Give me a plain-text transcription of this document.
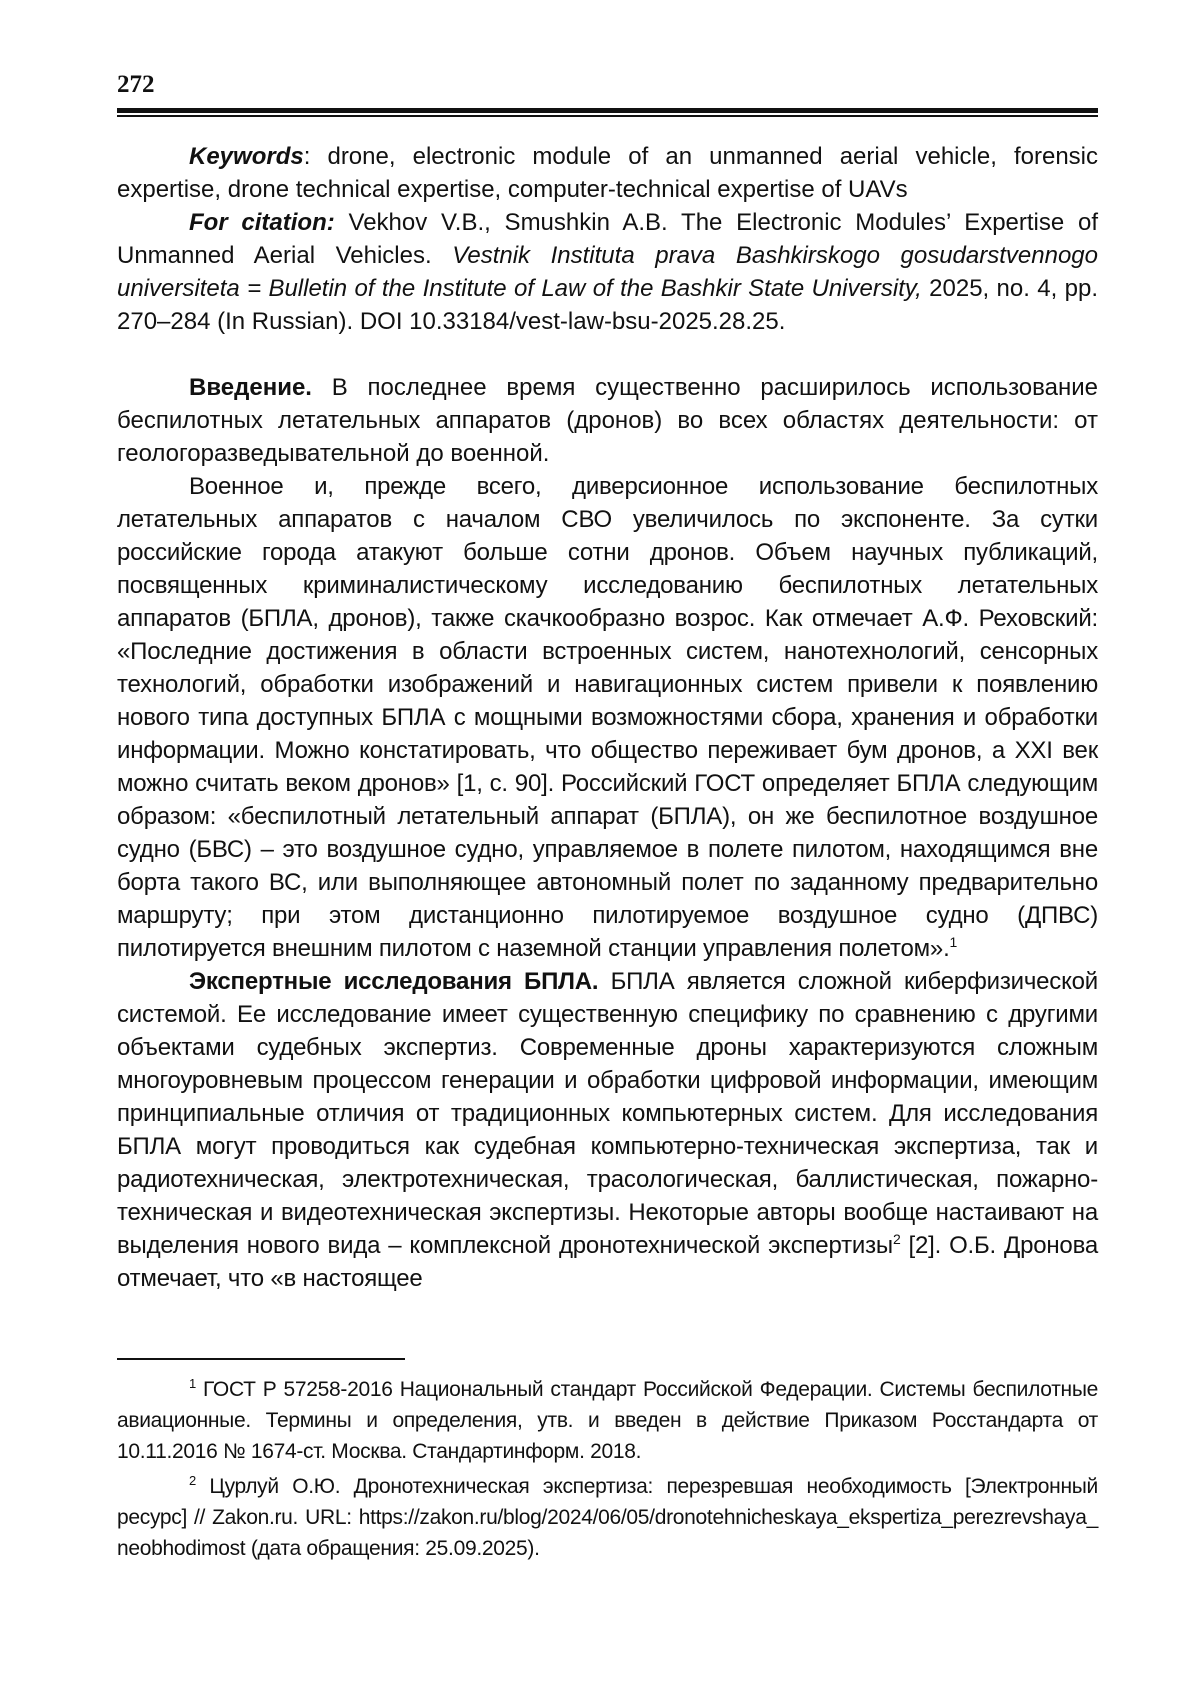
272

Keywords: drone, electronic module of an unmanned aerial vehicle, forensic expertise, drone technical expertise, computer-technical expertise of UAVs

For citation: Vekhov V.B., Smushkin A.B. The Electronic Modules’ Expertise of Unmanned Aerial Vehicles. Vestnik Instituta prava Bashkirskogo gosudarstvennogo universiteta = Bulletin of the Institute of Law of the Bashkir State University, 2025, no. 4, pp. 270–284 (In Russian). DOI 10.33184/vest-law-bsu-2025.28.25.

Введение. В последнее время существенно расширилось использование беспилотных летательных аппаратов (дронов) во всех областях деятельности: от геологоразведывательной до военной.

Военное и, прежде всего, диверсионное использование беспилотных летательных аппаратов с началом СВО увеличилось по экспоненте. За сутки российские города атакуют больше сотни дронов. Объем научных публикаций, посвященных криминалистическому исследованию беспилотных летательных аппаратов (БПЛА, дронов), также скачкообразно возрос. Как отмечает А.Ф. Реховский: «Последние достижения в области встроенных систем, нанотехнологий, сенсорных технологий, обработки изображений и навигационных систем привели к появлению нового типа доступных БПЛА с мощными возможностями сбора, хранения и обработки информации. Можно констатировать, что общество переживает бум дронов, а XXI век можно считать веком дронов» [1, с. 90]. Российский ГОСТ определяет БПЛА следующим образом: «беспилотный летательный аппарат (БПЛА), он же беспилотное воздушное судно (БВС) – это воздушное судно, управляемое в полете пилотом, находящимся вне борта такого ВС, или выполняющее автономный полет по заданному предварительно маршруту; при этом дистанционно пилотируемое воздушное судно (ДПВС) пилотируется внешним пилотом с наземной станции управления полетом».$^1$

Экспертные исследования БПЛА. БПЛА является сложной киберфизической системой. Ее исследование имеет существенную специфику по сравнению с другими объектами судебных экспертиз. Современные дроны характеризуются сложным многоуровневым процессом генерации и обработки цифровой информации, имеющим принципиальные отличия от традиционных компьютерных систем. Для исследования БПЛА могут проводиться как судебная компьютерно-техническая экспертиза, так и радиотехническая, электротехническая, трасологическая, баллистическая, пожарно-техническая и видеотехническая экспертизы. Некоторые авторы вообще настаивают на выделения нового вида – комплексной дронотехнической экспертизы$^2$ [2]. О.Б. Дронова отмечает, что «в настоящее

$^1$ ГОСТ Р 57258-2016 Национальный стандарт Российской Федерации. Системы беспилотные авиационные. Термины и определения, утв. и введен в действие Приказом Росстандарта от 10.11.2016 № 1674-ст. Москва. Стандартинформ. 2018.

$^2$ Цурлуй О.Ю. Дронотехническая экспертиза: перезревшая необходимость [Электронный ресурс] // Zakon.ru. URL: https://zakon.ru/blog/2024/06/05/dronotehnicheskaya_ekspertiza_perezrevshaya_neobhodimost (дата обращения: 25.09.2025).
